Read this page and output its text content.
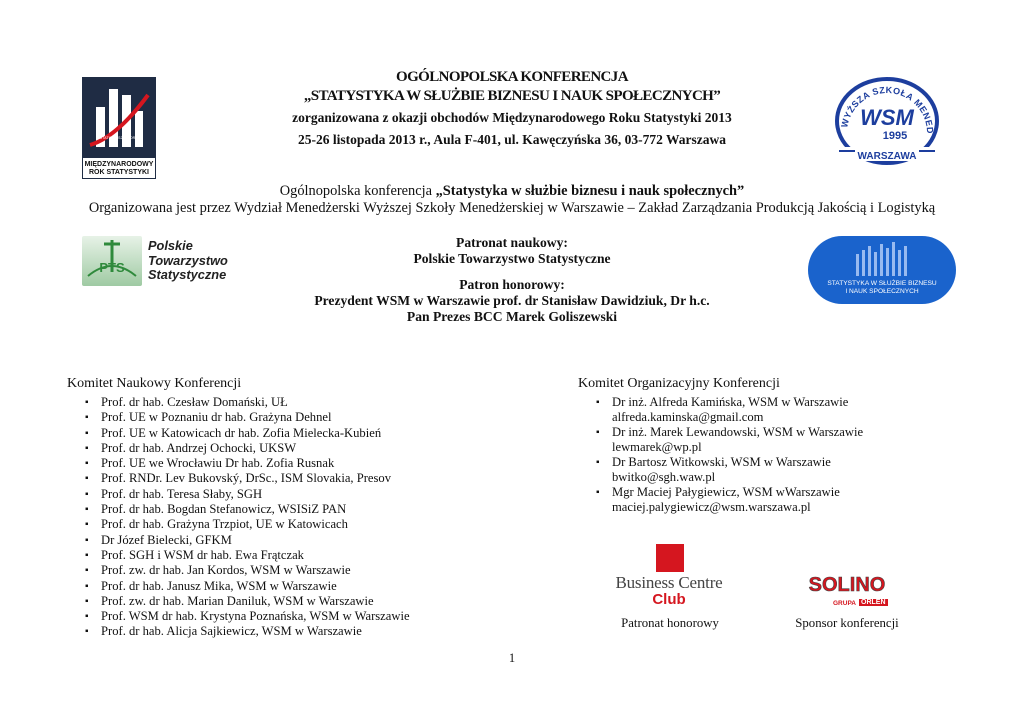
STATISTICS2013.ORG
MIĘDZYNARODOWY
ROK STATYSTYKI
OGÓLNOPOLSKA KONFERENCJA
„STATYSTYKA W SŁUŻBIE BIZNESU I NAUK SPOŁECZNYCH”
zorganizowana z okazji obchodów Międzynarodowego Roku Statystyki 2013
25-26 listopada 2013 r., Aula F-401, ul. Kawęczyńska 36, 03-772 Warszawa
WYŻSZA SZKOŁA MENED
WSM
1995
WARSZAWA
Ogólnopolska konferencja „Statystyka w służbie biznesu i nauk społecznych”
Organizowana jest przez Wydział Menedżerski Wyższej Szkoły Menedżerskiej w Warszawie – Zakład Zarządzania Produkcją Jakością i Logistyką
PTS
Polskie
Towarzystwo
Statystyczne
Patronat naukowy:
Polskie Towarzystwo Statystyczne
Patron honorowy:
Prezydent WSM w Warszawie prof. dr Stanisław Dawidziuk, Dr h.c.
Pan Prezes BCC Marek Goliszewski
STATYSTYKA W SŁUŻBIE BIZNESU
I NAUK SPOŁECZNYCH
Komitet Naukowy Konferencji
▪ Prof. dr hab. Czesław Domański, UŁ
▪ Prof. UE w Poznaniu dr hab. Grażyna Dehnel
▪ Prof. UE w Katowicach dr hab. Zofia Mielecka-Kubień
▪ Prof. dr hab. Andrzej Ochocki, UKSW
▪ Prof. UE we Wrocławiu Dr hab. Zofia Rusnak
▪ Prof. RNDr. Lev Bukovský, DrSc., ISM Slovakia, Presov
▪ Prof. dr hab. Teresa Słaby, SGH
▪ Prof. dr hab. Bogdan Stefanowicz, WSISiZ PAN
▪ Prof. dr hab. Grażyna Trzpiot, UE w Katowicach
▪ Dr Józef Bielecki, GFKM
▪ Prof. SGH i WSM dr hab. Ewa Frątczak
▪ Prof. zw. dr hab. Jan Kordos, WSM w Warszawie
▪ Prof. dr hab. Janusz Mika, WSM w Warszawie
▪ Prof. zw. dr hab. Marian Daniluk, WSM w Warszawie
▪ Prof. WSM dr hab. Krystyna Poznańska, WSM w Warszawie
▪ Prof. dr hab. Alicja Sajkiewicz, WSM w Warszawie
Komitet Organizacyjny Konferencji
▪ Dr inż. Alfreda Kamińska, WSM w Warszawie
alfreda.kaminska@gmail.com
▪ Dr inż. Marek Lewandowski, WSM w Warszawie
lewmarek@wp.pl
▪ Dr Bartosz Witkowski, WSM w Warszawie
bwitko@sgh.waw.pl
▪ Mgr Maciej Pałygiewicz, WSM wWarszawie
maciej.palygiewicz@wsm.warszawa.pl
Business Centre
Club
Patronat honorowy
SOLINO
GRUPA ORLEN
Sponsor konferencji
1
